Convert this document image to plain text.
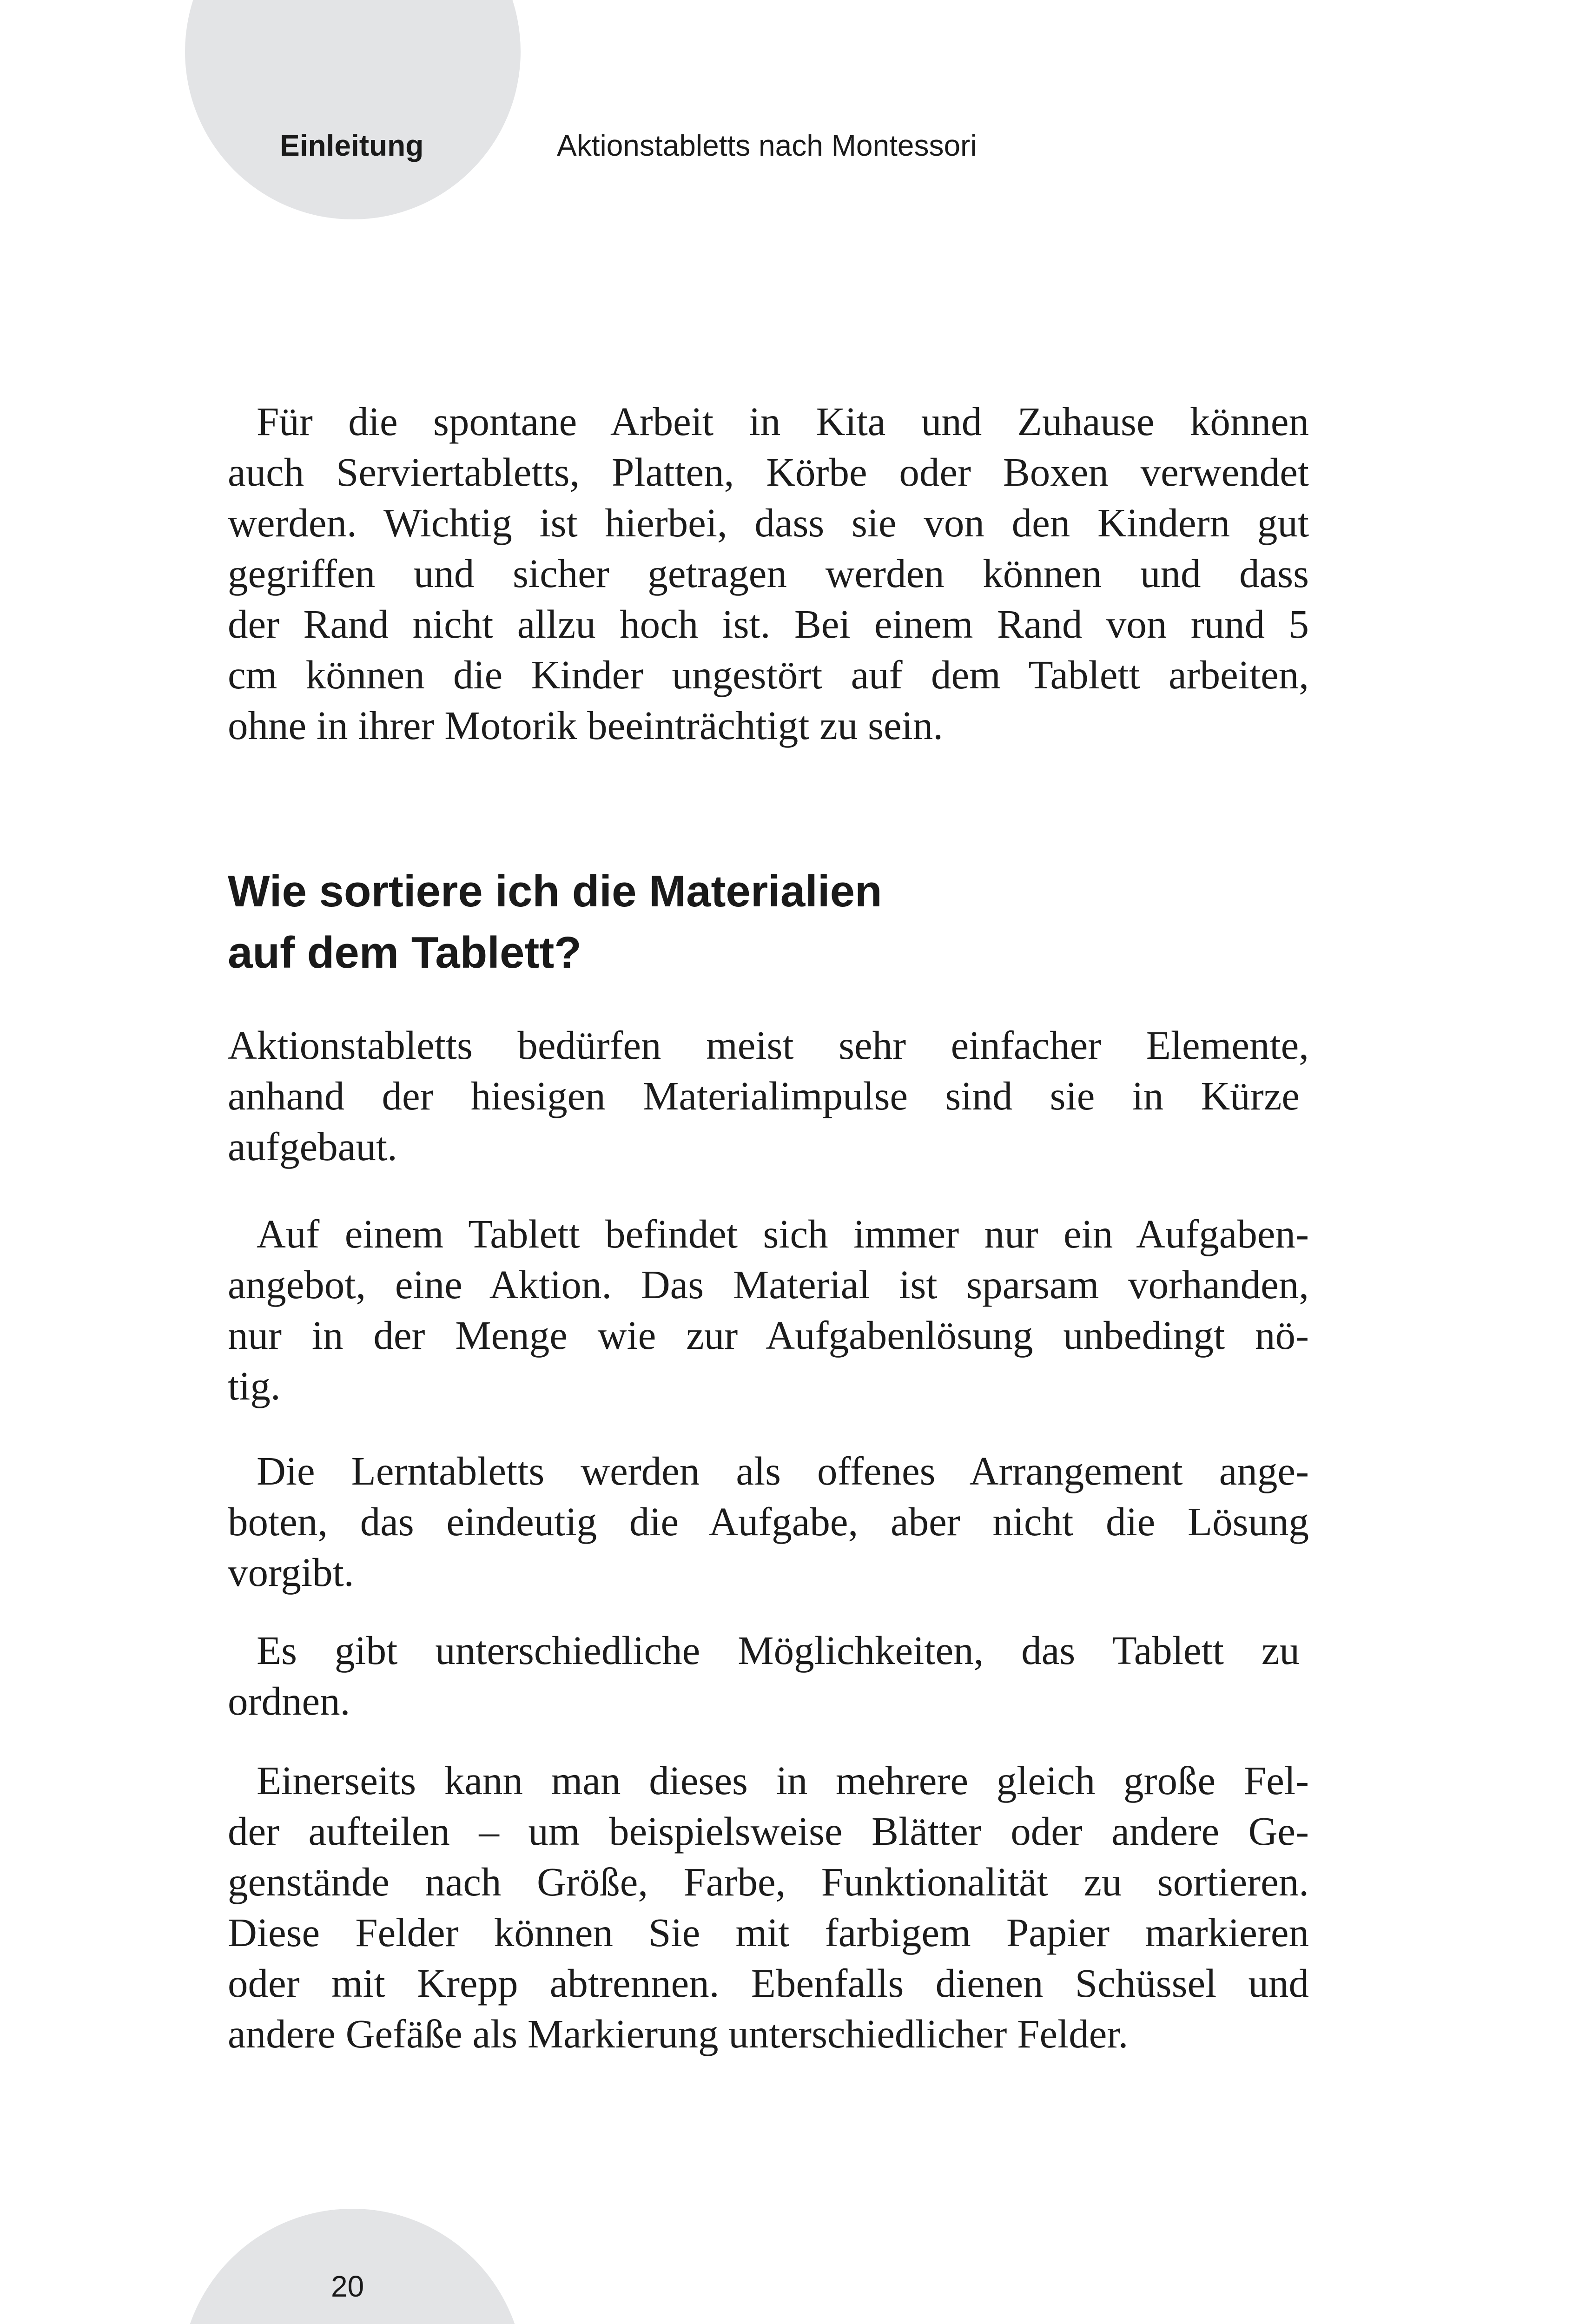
Einleitung	Aktionstabletts nach Montessori
Für die spontane Arbeit in Kita und Zuhause können
auch Serviertabletts, Platten, Körbe oder Boxen verwendet
werden. Wichtig ist hierbei, dass sie von den Kindern gut
gegriffen und sicher getragen werden können und dass
der Rand nicht allzu hoch ist. Bei einem Rand von rund 5
cm können die Kinder ungestört auf dem Tablett arbeiten,
ohne in ihrer Motorik beeinträchtigt zu sein.
Wie sortiere ich die Materialien
auf dem Tablett?
Aktionstabletts bedürfen meist sehr einfacher Elemente,
anhand der hiesigen Materialimpulse sind sie in Kürze
aufgebaut.
Auf einem Tablett befindet sich immer nur ein Aufgaben-
angebot, eine Aktion. Das Material ist sparsam vorhanden,
nur in der Menge wie zur Aufgabenlösung unbedingt nö-
tig.
Die Lerntabletts werden als offenes Arrangement ange-
boten, das eindeutig die Aufgabe, aber nicht die Lösung
vorgibt.
Es gibt unterschiedliche Möglichkeiten, das Tablett zu
ordnen.
Einerseits kann man dieses in mehrere gleich große Fel-
der aufteilen – um beispielsweise Blätter oder andere Ge-
genstände nach Größe, Farbe, Funktionalität zu sortieren.
Diese Felder können Sie mit farbigem Papier markieren
oder mit Krepp abtrennen. Ebenfalls dienen Schüssel und
andere Gefäße als Markierung unterschiedlicher Felder.
20
